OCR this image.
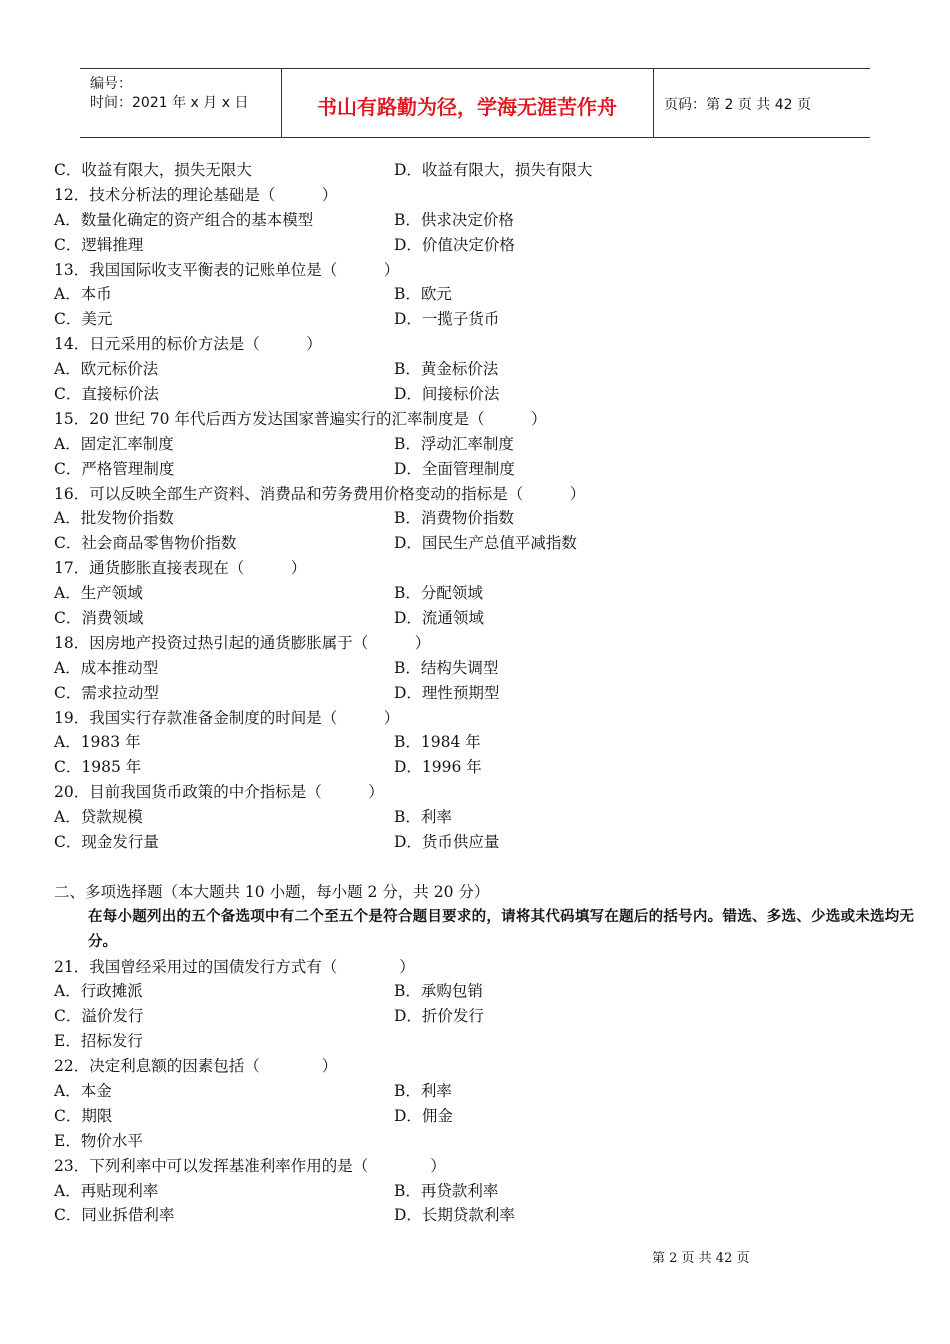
编号：
时间：2021 年 x 月 x 日	书山有路勤为径，学海无涯苦作舟	页码：第 2 页 共 42 页
C．收益有限大，损失无限大	D．收益有限大，损失有限大
12．技术分析法的理论基础是（　　　）
A．数量化确定的资产组合的基本模型	B．供求决定价格
C．逻辑推理	D．价值决定价格
13．我国国际收支平衡表的记账单位是（　　　）
A．本币	B．欧元
C．美元	D．一揽子货币
14．日元采用的标价方法是（　　　）
A．欧元标价法	B．黄金标价法
C．直接标价法	D．间接标价法
15．20 世纪 70 年代后西方发达国家普遍实行的汇率制度是（　　　）
A．固定汇率制度	B．浮动汇率制度
C．严格管理制度	D．全面管理制度
16．可以反映全部生产资料、消费品和劳务费用价格变动的指标是（　　　）
A．批发物价指数	B．消费物价指数
C．社会商品零售物价指数	D．国民生产总值平减指数
17．通货膨胀直接表现在（　　　）
A．生产领域	B．分配领域
C．消费领域	D．流通领域
18．因房地产投资过热引起的通货膨胀属于（　　　）
A．成本推动型	B．结构失调型
C．需求拉动型	D．理性预期型
19．我国实行存款准备金制度的时间是（　　　）
A．1983 年	B．1984 年
C．1985 年	D．1996 年
20．目前我国货币政策的中介指标是（　　　）
A．贷款规模	B．利率
C．现金发行量	D．货币供应量
二、多项选择题（本大题共 10 小题，每小题 2 分，共 20 分）
在每小题列出的五个备选项中有二个至五个是符合题目要求的，请将其代码填写在题后的括号内。错选、多选、少选或未选均无分。
21．我国曾经采用过的国债发行方式有（　　　　）
A．行政摊派	B．承购包销
C．溢价发行	D．折价发行
E．招标发行
22．决定利息额的因素包括（　　　　）
A．本金	B．利率
C．期限	D．佣金
E．物价水平
23．下列利率中可以发挥基准利率作用的是（　　　　）
A．再贴现利率	B．再贷款利率
C．同业拆借利率	D．长期贷款利率
第 2 页 共 42 页
